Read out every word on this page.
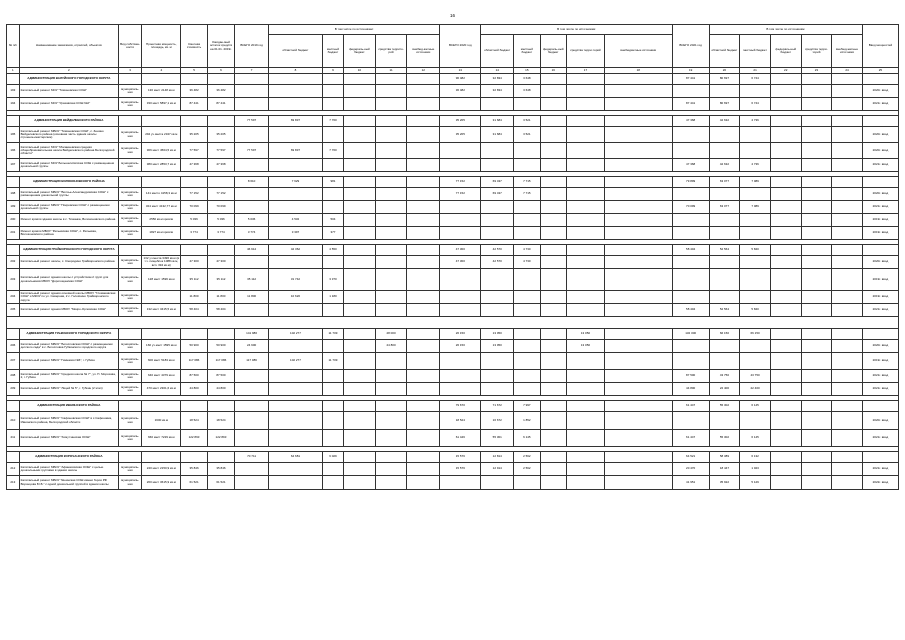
16
№ п/п	Наименование заказчиков, отраслей, объектов	Вид собствен-ности	Проектная мощность, площадь, кв. м	Сметная стоимость	Ожидае-мый остаток средств на 01.01. 2019г.	ВСЕГО 2019 год	В том числе по источникам:					ВСЕГО 2020 год	В том числе по источникам:					ВСЕГО 2021 год	В том числе по источникам:					Ввод мощностей
							областной бюджет	местный бюджет	федераль-ный бюджет	средства террито-рий	внебюд-жетные источники		областной бюджет	местный бюджет	федераль-ный бюджет	средства терри-торий	внебюджетные источники		областной бюджет	местный бюджет	федераль-ный бюджет	средства терри-торий	внебюд-жетные источники	
1	2	3	4	5	6	7	8	9	10	11	12	13	14	15	16	17	18	19	20	21	22	23	24	25
	АДМИНИСТРАЦИЯ ВАЛУЙСКОГО ГОРОДСКОГО ОКРУГА											96 482	32 834	3 648				87 441	80 697	6 744				
193	Капитальный ремонт МОУ "Тимоновская СОШ"	муниципаль-ная	130 мест 2148 кв.м	36 482	36 482							36 482	32 834	3 648										2020г. ввод
194	Капитальный ремонт МОУ "Уразовская СОШ №2"	муниципаль-ная	330 мест 5897,1 кв.м	87 441	87 441													87 441	80 697	6 744				2021г. ввод

	АДМИНИСТРАЦИЯ ВЕЙДЕЛЕВСКОГО РАЙОНА					77 597	69 837	7 760				35 205	31 684	3 521				47 368	42 632	4 736				
195	Капитальный ремонт МБОУ "Тимоновская СОШ", с. Зенино Вейделевского района (основная часть здания школы строение+мастерские)	муниципаль-ная	294 уч.места 2347 кв.м	35 205	35 205							35 205	31 684	3 521										2020г. ввод
196	Капитальный ремонт МОУ "Малакеевская средняя общеобразовательная школа Вейделевского района Белгородской области"	муниципаль-ная	306 мест 4564,5 кв.м	77 597	77 597	77 597	69 837	7 760																2020г. ввод
197	Капитальный ремонт МОУ Большелипягская СОШ с размещением дошкольной группы	муниципаль-ная	380 мест 2853,7 кв.м	47 368	47 368													47 368	42 632	4 736				2021г. ввод

	АДМИНИСТРАЦИЯ ВОЛОКОНОВСКОГО РАЙОНА					8 610	7 629	981				77 152	69 437	7 715				79 899	63 077	7 089				
198	Капитальный ремонт МБОУ "Волчье-Александровская СОШ" с размещением дошкольной группы	муниципаль-ная	141 место 4158,3 кв.м	77 152	77 152							77 152	69 437	7 715										2020г. ввод
199	Капитальный ремонт МБОУ "Покровская СОШ" с размещением дошкольной группы	муниципаль-ная	324 мест 4132,77 кв.м	70 099	70 099													70 099	63 077	7 089				2021г. ввод
200	Ремонт кровли здания школы в с. Тишанка, Волоконовского района	муниципаль-ная	2550 кв.м кровли	5 036	5 036	5 036	4 532	504																2019г. ввод
201	Ремонт кровли МБОУ "Репьевская СОШ", с. Репьевка, Волоконовского района	муниципаль-ная	1827 кв.м кровли	3 774	3 774	3 774	3 397	377																2019г. ввод

	АДМИНИСТРАЦИЯ ГРАЙВОРОНСКОГО ГОРОДСКОГО ОКРУГА					46 912	42 362	4 550				47 300	42 570	4 730				58 404	52 564	5 840				
202	Капитальный ремонт школы, с. Смородино Грайворонского района	муниципаль-ная	132 уч.места 3496 кв.м (в т.ч. пищеблок 1088 кв.м, всп. 394 кв.м)	47 300	47 300							47 300	42 570	4 730										2020г. ввод
203	Капитальный ремонт здания школы с устройством 2 групп для дошкольников МБОУ "Дорогощанская СОШ"	муниципаль-ная	128 мест 1596 кв.м	35 112	35 112	35 112	31 742	3 370																2019г. ввод
204	Капитальный ремонт здания основной школы МБОУ "Гломаковская СОШ" и МКОУ по ул. Северная, 2 с. Головчино Грайворонского округа	муниципаль-ная		11 800	11 800	11 800	10 620	1 180																2019г. ввод
205	Капитальный ремонт здания МБОУ "Мокро-Орловская СОШ"	муниципаль-ная	132 мест 3415,5 кв.м	58 404	58 404													58 404	52 564	5 840				2021г. ввод

	АДМИНИСТРАЦИЯ ГУБКИНСКОГО ГОРОДСКОГО ОКРУГА					141 986	102 277	11 709		28 000		26 150	13 050			13 050		132 300	66 150	66 150				
206	Капитальный ремонт МБОУ "Богословская ООШ" с размещением детского сада" в с. Богословка Губкинского городского округа	муниципаль-ная	160 уч.мест 1595 кв.м	50 900	50 900	24 900				24 800		26 150	13 050			13 050								2020г. ввод
207	Капитальный ремонт МБОУ "Гимназия №6", г. Губкин	муниципаль-ная	600 мест 5183 кв.м	117 086	117 086	117 086	102 277	11 709																2019г. ввод
208	Капитальный ремонт МБОУ "Средняя школа № 7", ул. П. Морозова, 2, г. Губкин	муниципаль-ная	640 мест 4379 кв.м	87 500	87 500													87 500	43 750	43 750				2021г. ввод
209	Капитальный ремонт МБОУ "Лицей № 5", г. Губкин (2 этап)	муниципаль-ная	470 мест 2301,6 кв.м	44 800	44 800													44 800	22 400	22 400				2021г. ввод

	АДМИНИСТРАЦИЯ ИВНЯНСКОГО РАЙОНА											79 670	71 672	7 997				61 447	55 302	6 145				
210	Капитальный ремонт МБОУ "Сафоновская СОШ" в с.Сафоновка, Ивнянского района, Белгородской области	муниципаль-ная	1600 кв.м	18 524	18 524							18 524	16 672	1 852										2020г. ввод
211	Капитальный ремонт МБОУ "Хомутчанская ООШ"	муниципаль-ная	660 мест 7229 кв.м	122 893	122 893							61 446	55 301	6 145				61 447	55 302	6 145				2021г. ввод

	АДМИНИСТРАЦИЯ КОРОЧАНСКОГО РАЙОНА					70 711	64 681	6 029				15 576	12 814	2 562				64 521	58 389	6 132				
212	Капитальный ремонт МБОУ "Афанасовская ООШ" с целью дошкольными группами в здании школы	муниципаль-ная	240 мест 2150,9 кв.м	35 846	35 846							15 576	12 914	2 562				20 470	18 447	1 023				2021г. ввод
213	Капитальный ремонт МБОУ "Шеинская СОШ имени Героя РФ Воронцова Ю.Б." с одной дошкольной группой в здании школы	муниципаль-ная	260 мест 3615,9 кв.м	61 521	61 521													41 951	35 922	5 129				2022г. ввод
